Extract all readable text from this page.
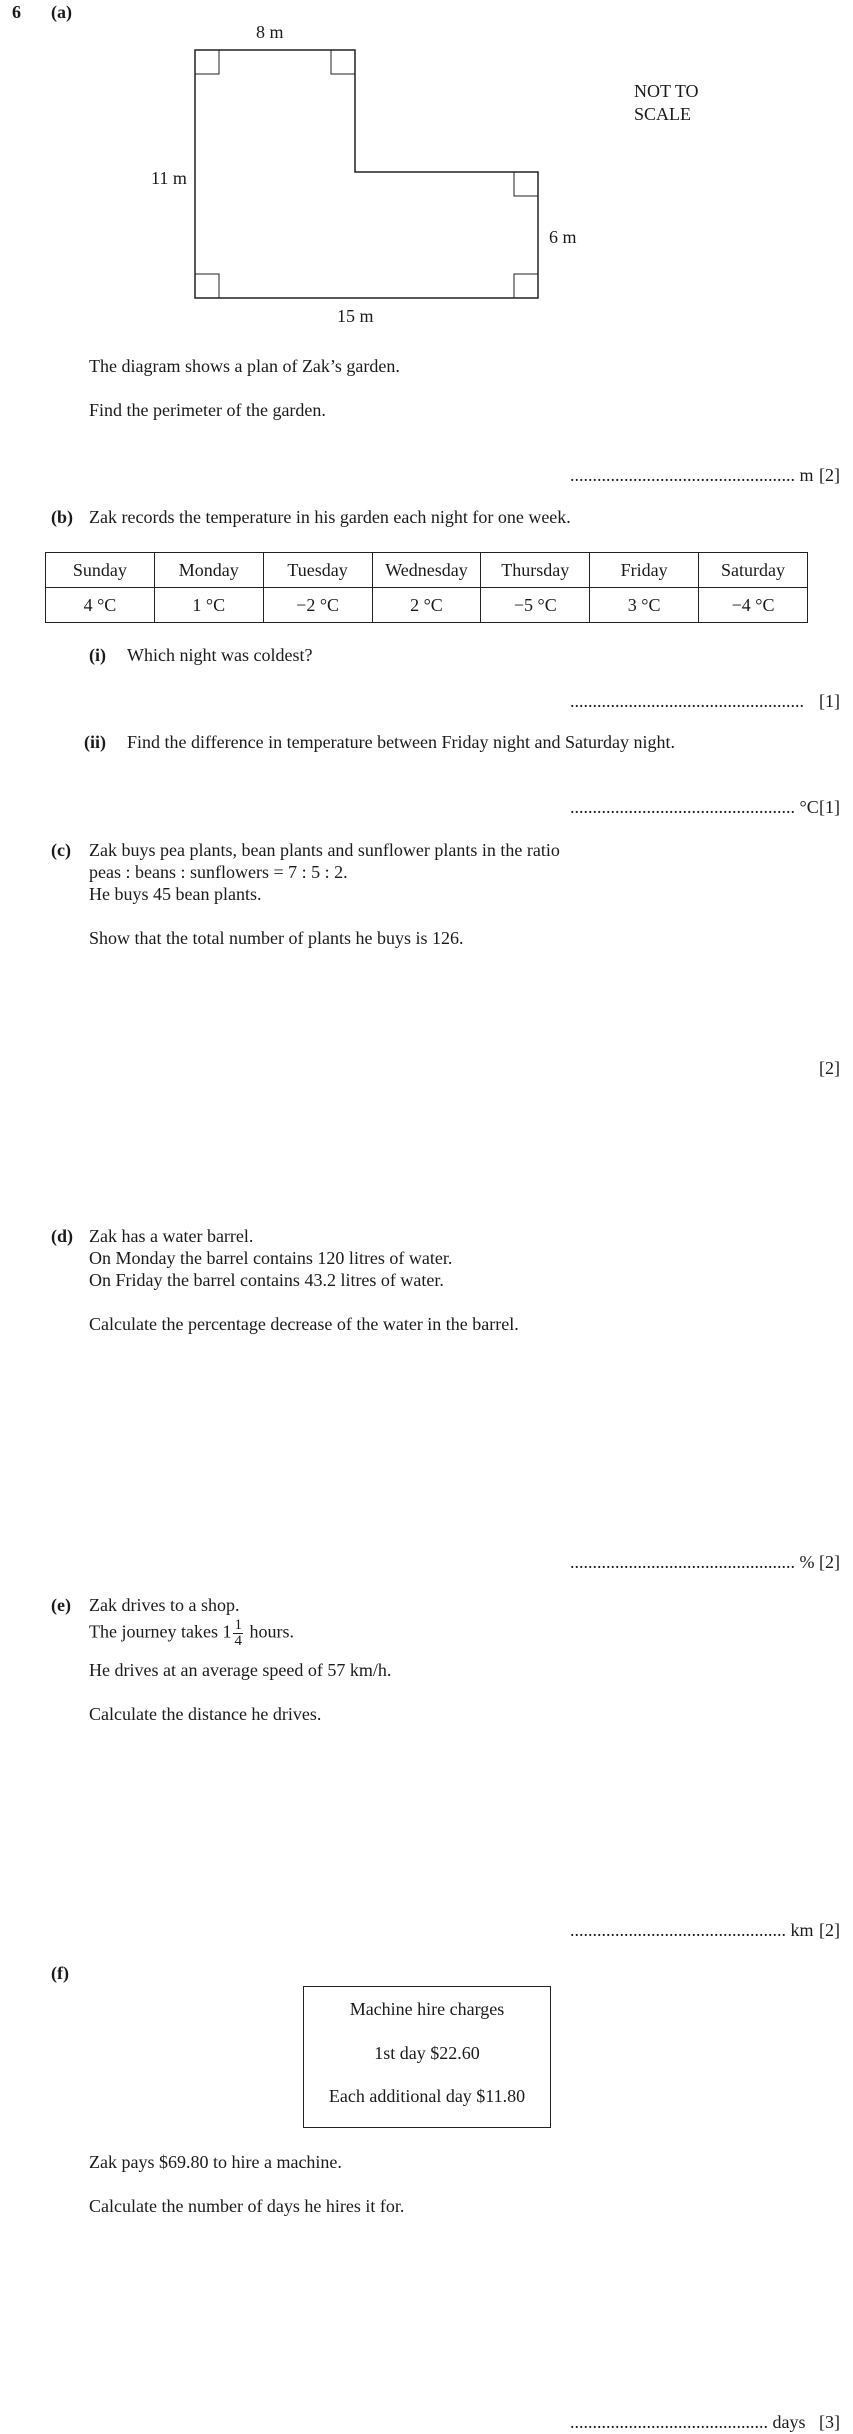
6 (a)
8 m
11 m
6 m
15 m
NOT TO
SCALE
The diagram shows a plan of Zak’s garden.
Find the perimeter of the garden.
.................................................. m [2]
(b) Zak records the temperature in his garden each night for one week.
Sunday	Monday	Tuesday	Wednesday	Thursday	Friday	Saturday
4 °C	1 °C	−2 °C	2 °C	−5 °C	3 °C	−4 °C
(i) Which night was coldest?
.................................................... [1]
(ii) Find the difference in temperature between Friday night and Saturday night.
.................................................. °C [1]
(c) Zak buys pea plants, bean plants and sunflower plants in the ratio
peas : beans : sunflowers = 7 : 5 : 2.
He buys 45 bean plants.
Show that the total number of plants he buys is 126.
[2]
(d) Zak has a water barrel.
On Monday the barrel contains 120 litres of water.
On Friday the barrel contains 43.2 litres of water.
Calculate the percentage decrease of the water in the barrel.
.................................................. % [2]
(e) Zak drives to a shop.
The journey takes $1 \frac{1}{4}$ hours.
He drives at an average speed of 57 km/h.
Calculate the distance he drives.
................................................ km [2]
(f)
Machine hire charges
1st day $22.60
Each additional day $11.80
Zak pays $69.80 to hire a machine.
Calculate the number of days he hires it for.
............................................ days [3]
